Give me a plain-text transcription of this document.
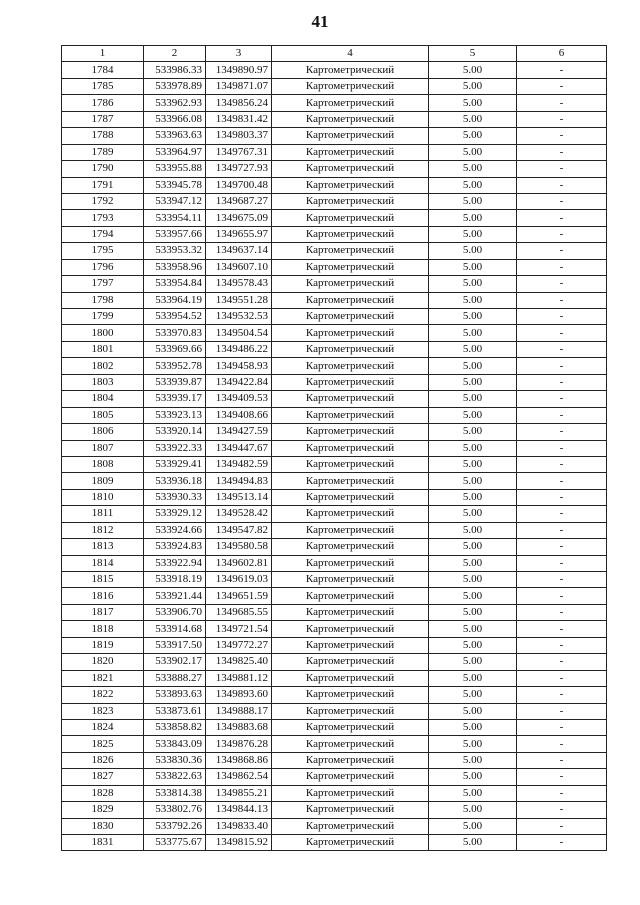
41
1	2	3	4	5	6
1784	533986.33	1349890.97	Картометрический	5.00	-
1785	533978.89	1349871.07	Картометрический	5.00	-
1786	533962.93	1349856.24	Картометрический	5.00	-
1787	533966.08	1349831.42	Картометрический	5.00	-
1788	533963.63	1349803.37	Картометрический	5.00	-
1789	533964.97	1349767.31	Картометрический	5.00	-
1790	533955.88	1349727.93	Картометрический	5.00	-
1791	533945.78	1349700.48	Картометрический	5.00	-
1792	533947.12	1349687.27	Картометрический	5.00	-
1793	533954.11	1349675.09	Картометрический	5.00	-
1794	533957.66	1349655.97	Картометрический	5.00	-
1795	533953.32	1349637.14	Картометрический	5.00	-
1796	533958.96	1349607.10	Картометрический	5.00	-
1797	533954.84	1349578.43	Картометрический	5.00	-
1798	533964.19	1349551.28	Картометрический	5.00	-
1799	533954.52	1349532.53	Картометрический	5.00	-
1800	533970.83	1349504.54	Картометрический	5.00	-
1801	533969.66	1349486.22	Картометрический	5.00	-
1802	533952.78	1349458.93	Картометрический	5.00	-
1803	533939.87	1349422.84	Картометрический	5.00	-
1804	533939.17	1349409.53	Картометрический	5.00	-
1805	533923.13	1349408.66	Картометрический	5.00	-
1806	533920.14	1349427.59	Картометрический	5.00	-
1807	533922.33	1349447.67	Картометрический	5.00	-
1808	533929.41	1349482.59	Картометрический	5.00	-
1809	533936.18	1349494.83	Картометрический	5.00	-
1810	533930.33	1349513.14	Картометрический	5.00	-
1811	533929.12	1349528.42	Картометрический	5.00	-
1812	533924.66	1349547.82	Картометрический	5.00	-
1813	533924.83	1349580.58	Картометрический	5.00	-
1814	533922.94	1349602.81	Картометрический	5.00	-
1815	533918.19	1349619.03	Картометрический	5.00	-
1816	533921.44	1349651.59	Картометрический	5.00	-
1817	533906.70	1349685.55	Картометрический	5.00	-
1818	533914.68	1349721.54	Картометрический	5.00	-
1819	533917.50	1349772.27	Картометрический	5.00	-
1820	533902.17	1349825.40	Картометрический	5.00	-
1821	533888.27	1349881.12	Картометрический	5.00	-
1822	533893.63	1349893.60	Картометрический	5.00	-
1823	533873.61	1349888.17	Картометрический	5.00	-
1824	533858.82	1349883.68	Картометрический	5.00	-
1825	533843.09	1349876.28	Картометрический	5.00	-
1826	533830.36	1349868.86	Картометрический	5.00	-
1827	533822.63	1349862.54	Картометрический	5.00	-
1828	533814.38	1349855.21	Картометрический	5.00	-
1829	533802.76	1349844.13	Картометрический	5.00	-
1830	533792.26	1349833.40	Картометрический	5.00	-
1831	533775.67	1349815.92	Картометрический	5.00	-
